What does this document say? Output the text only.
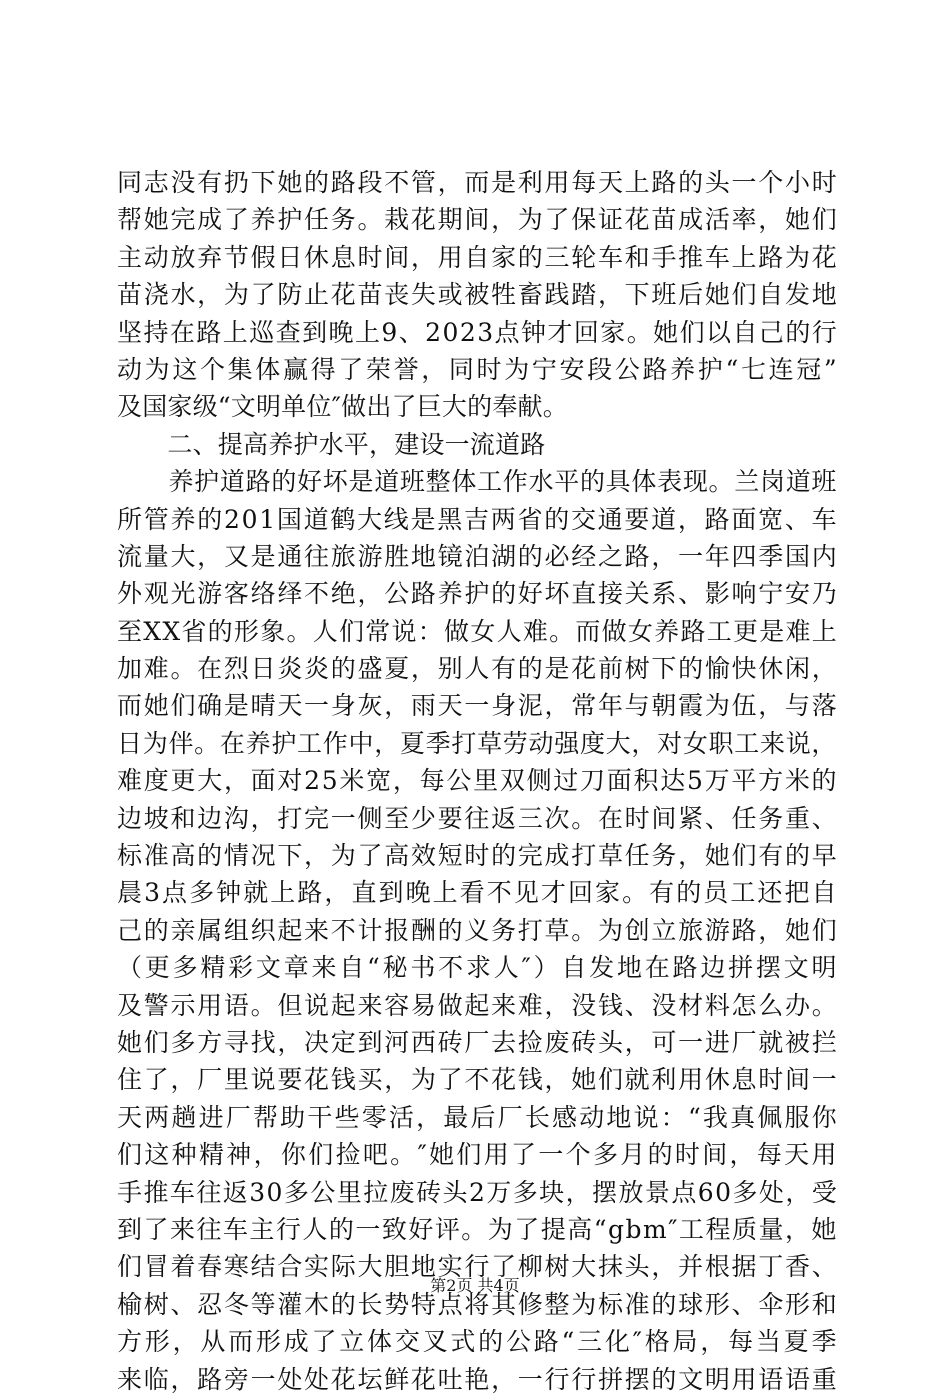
同 志 没 有 扔 下 她 的 路 段 不 管 ， 而 是 利 用 每 天 上 路 的 头 一 个 小 时
帮 她 完 成 了 养 护 任 务 。 栽 花 期 间 ， 为 了 保 证 花 苗 成 活 率 ， 她 们
主 动 放 弃 节 假 日 休 息 时 间 ， 用 自 家 的 三 轮 车 和 手 推 车 上 路 为 花
苗 浇 水 ， 为 了 防 止 花 苗 丧 失 或 被 牲 畜 践 踏 ， 下 班 后 她 们 自 发 地
坚 持 在 路 上 巡 查 到 晚 上 9 、 2 0 2 3 点 钟 才 回 家 。 她 们 以 自 己 的 行
动 为 这 个 集 体 赢 得 了 荣 誉 ， 同 时 为 宁 安 段 公 路 养 护 “ 七 连 冠 ”
及国家级“文明单位″做出了巨大的奉献。
　　二、提高养护水平，建设一流道路

养 护 道 路 的 好 坏 是 道 班 整 体 工 作 水 平 的 具 体 表 现 。 兰 岗 道 班
所 管 养 的 2 0 1 国 道 鹤 大 线 是 黑 吉 两 省 的 交 通 要 道 ， 路 面 宽 、 车
流 量 大 ， 又 是 通 往 旅 游 胜 地 镜 泊 湖 的 必 经 之 路 ， 一 年 四 季 国 内
外 观 光 游 客 络 绎 不 绝 ， 公 路 养 护 的 好 坏 直 接 关 系 、 影 响 宁 安 乃
至 X X 省 的 形 象 。 人 们 常 说 ： 做 女 人 难 。 而 做 女 养 路 工 更 是 难 上
加 难 。 在 烈 日 炎 炎 的 盛 夏 ， 别 人 有 的 是 花 前 树 下 的 愉 快 休 闲 ，
而 她 们 确 是 晴 天 一 身 灰 ， 雨 天 一 身 泥 ， 常 年 与 朝 霞 为 伍 ， 与 落
日 为 伴 。 在 养 护 工 作 中 ， 夏 季 打 草 劳 动 强 度 大 ， 对 女 职 工 来 说 ，
难 度 更 大 ， 面 对 2 5 米 宽 ， 每 公 里 双 侧 过 刀 面 积 达 5 万 平 方 米 的
边 坡 和 边 沟 ， 打 完 一 侧 至 少 要 往 返 三 次 。 在 时 间 紧 、 任 务 重 、
标 准 高 的 情 况 下 ， 为 了 高 效 短 时 的 完 成 打 草 任 务 ， 她 们 有 的 早
晨 3 点 多 钟 就 上 路 ， 直 到 晚 上 看 不 见 才 回 家 。 有 的 员 工 还 把 自
己 的 亲 属 组 织 起 来 不 计 报 酬 的 义 务 打 草 。 为 创 立 旅 游 路 ， 她 们
（ 更 多 精 彩 文 章 来 自 “ 秘 书 不 求 人 ″ ） 自 发 地 在 路 边 拼 摆 文 明
及 警 示 用 语 。 但 说 起 来 容 易 做 起 来 难 ， 没 钱 、 没 材 料 怎 么 办 。
她 们 多 方 寻 找 ， 决 定 到 河 西 砖 厂 去 捡 废 砖 头 ， 可 一 进 厂 就 被 拦
住 了 ， 厂 里 说 要 花 钱 买 ， 为 了 不 花 钱 ， 她 们 就 利 用 休 息 时 间 一
天 两 趟 进 厂 帮 助 干 些 零 活 ， 最 后 厂 长 感 动 地 说 ： “ 我 真 佩 服 你
们 这 种 精 神 ， 你 们 捡 吧 。 ″ 她 们 用 了 一 个 多 月 的 时 间 ， 每 天 用
手 推 车 往 返 3 0 多 公 里 拉 废 砖 头 2 万 多 块 ， 摆 放 景 点 6 0 多 处 ， 受
到 了 来 往 车 主 行 人 的 一 致 好 评 。 为 了 提 高 “ g b m ″ 工 程 质 量 ， 她
们 冒 着 春 寒 结 合 实 际 大 胆 地 实 行 了 柳 树 大 抹 头 ， 并 根 据 丁 香 、
榆 树 、 忍 冬 等 灌 木 的 长 势 特 点 将 其 修 整 为 标 准 的 球 形 、 伞 形 和
方 形 ， 从 而 形 成 了 立 体 交 叉 式 的 公 路 “ 三 化 ″ 格 局 ， 每 当 夏 季
来 临 ， 路 旁 一 处 处 花 坛 鲜 花 吐 艳 ， 一 行 行 拼 摆 的 文 明 用 语 语 重
第2页 共4页
